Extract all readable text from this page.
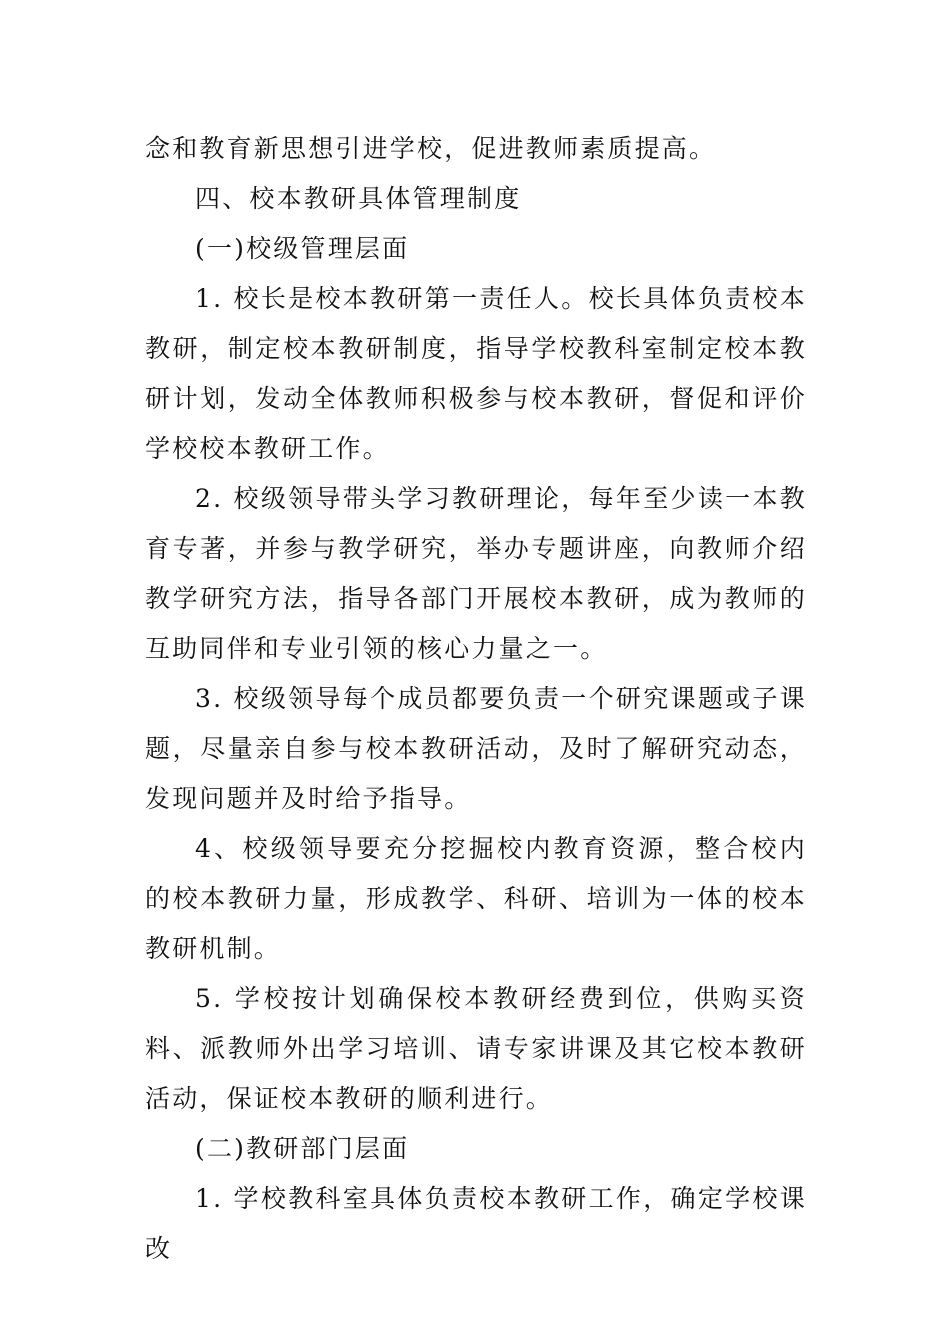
念和教育新思想引进学校，促进教师素质提高。

四、校本教研具体管理制度

(一)校级管理层面

1. 校长是校本教研第一责任人。校长具体负责校本教研，制定校本教研制度，指导学校教科室制定校本教研计划，发动全体教师积极参与校本教研，督促和评价学校校本教研工作。

2. 校级领导带头学习教研理论，每年至少读一本教育专著，并参与教学研究，举办专题讲座，向教师介绍教学研究方法，指导各部门开展校本教研，成为教师的互助同伴和专业引领的核心力量之一。

3. 校级领导每个成员都要负责一个研究课题或子课题，尽量亲自参与校本教研活动，及时了解研究动态，发现问题并及时给予指导。

4、校级领导要充分挖掘校内教育资源，整合校内的校本教研力量，形成教学、科研、培训为一体的校本教研机制。

5. 学校按计划确保校本教研经费到位，供购买资料、派教师外出学习培训、请专家讲课及其它校本教研活动，保证校本教研的顺利进行。

(二)教研部门层面

1. 学校教科室具体负责校本教研工作，确定学校课改
